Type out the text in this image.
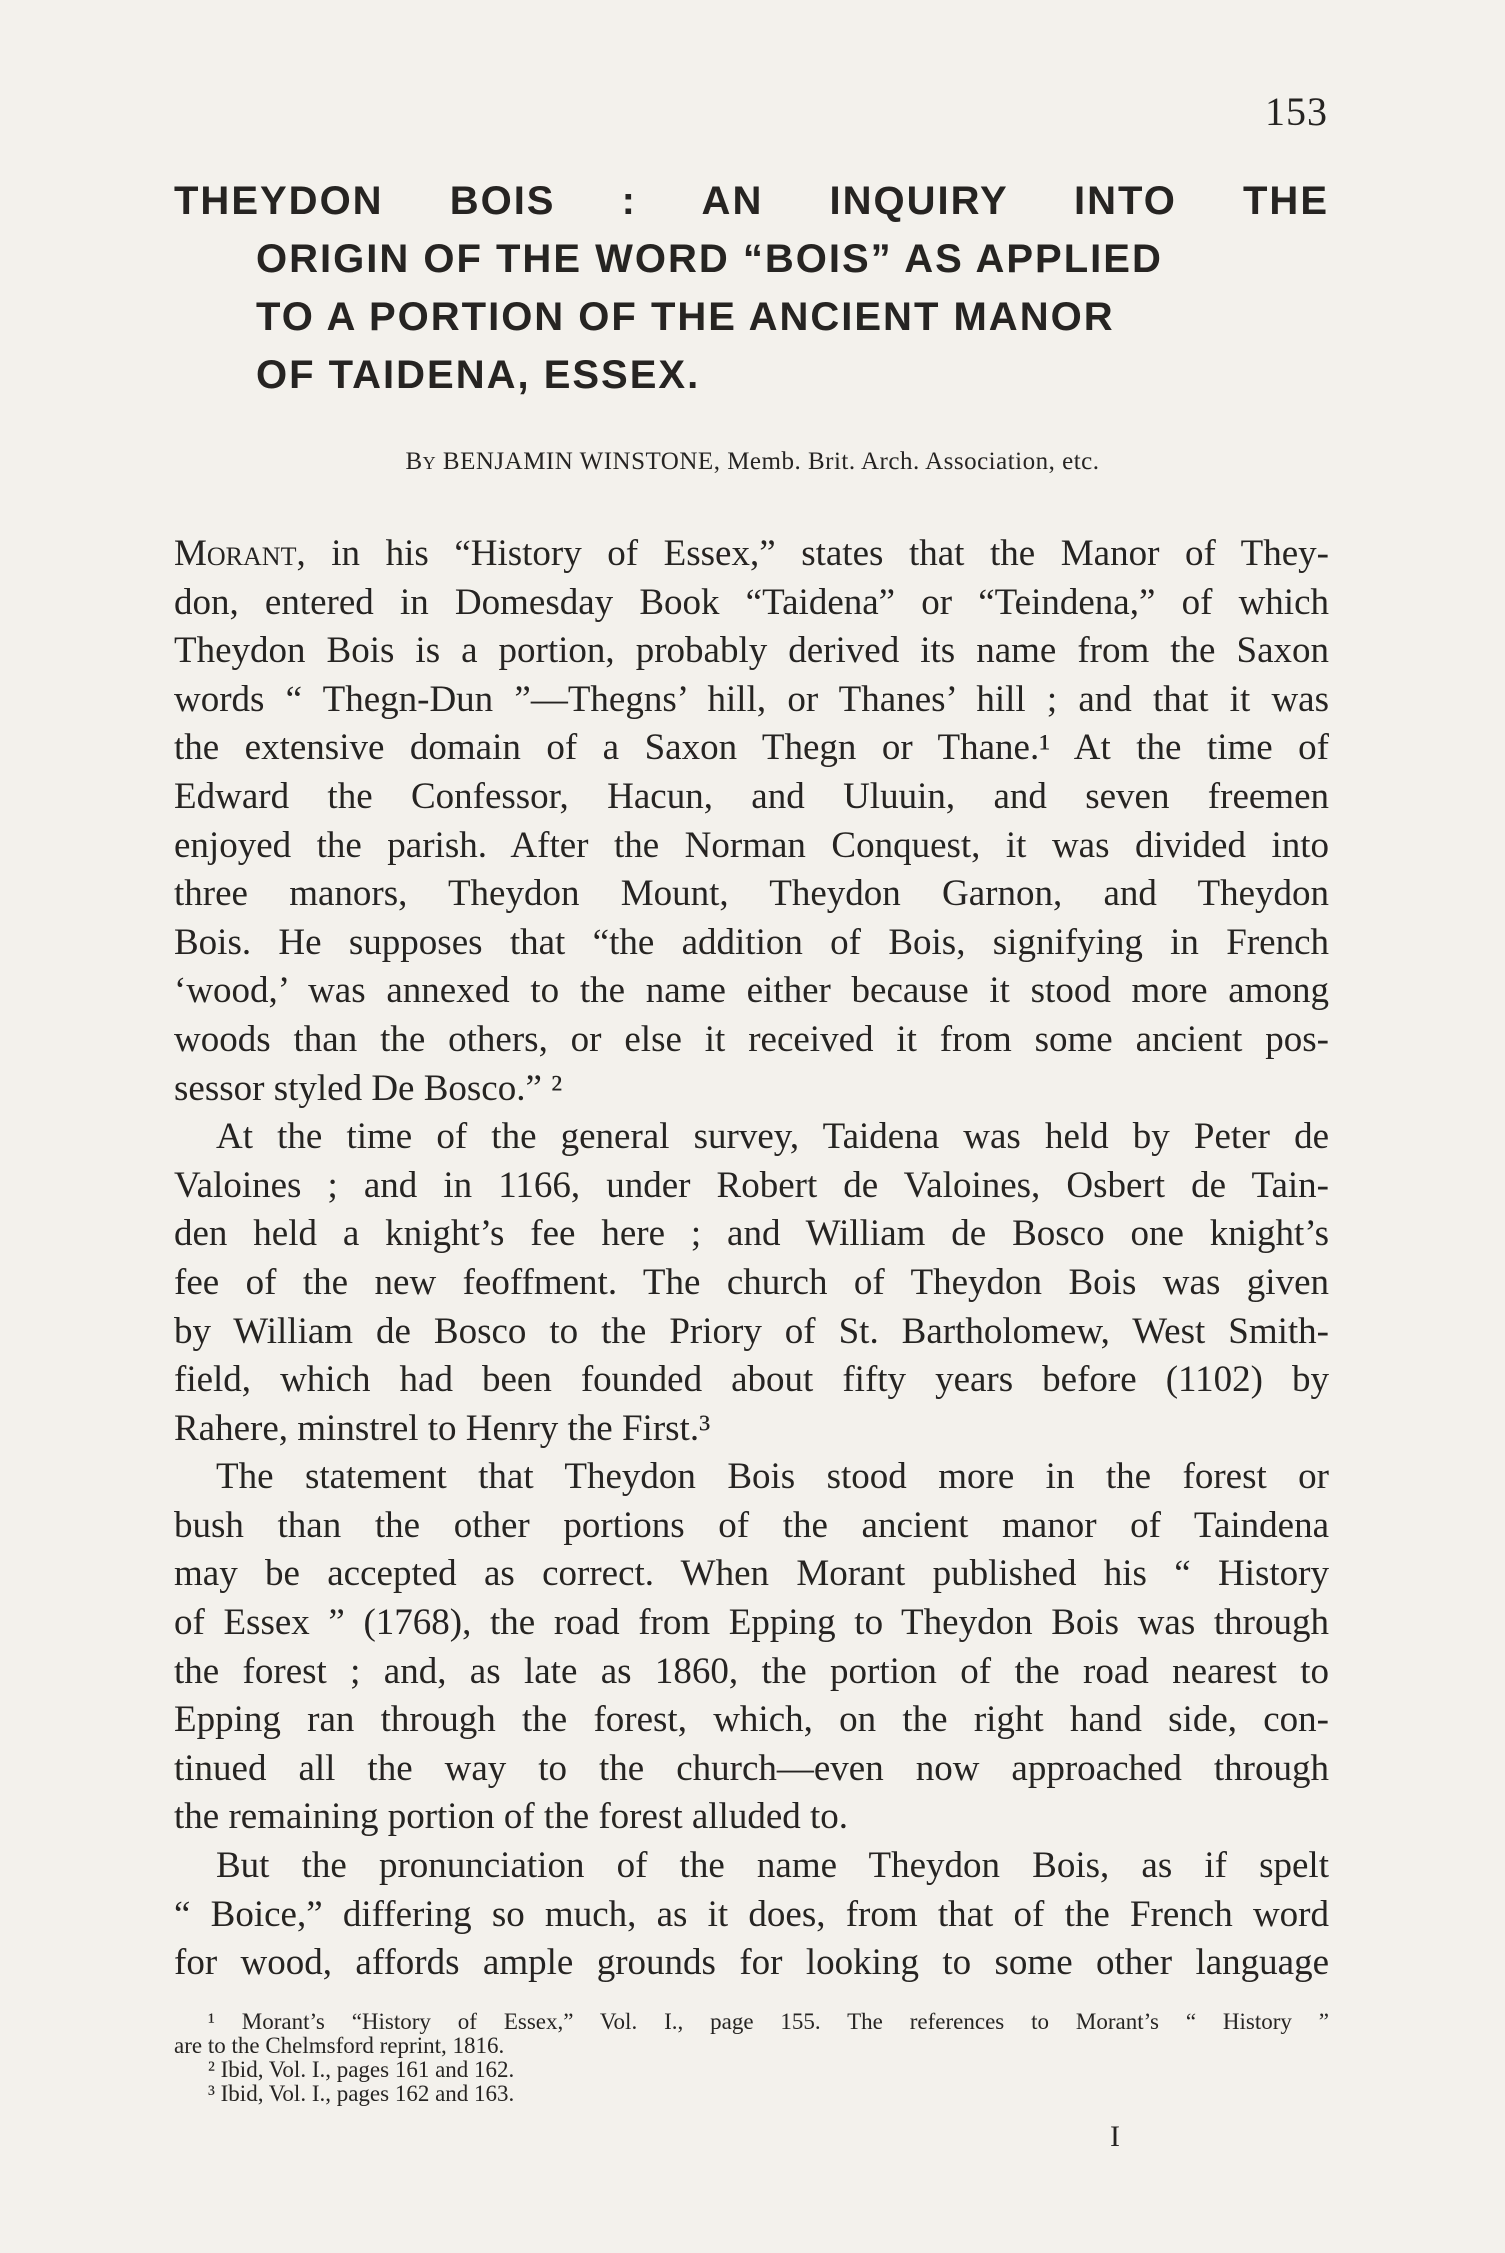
153
THEYDON BOIS : AN INQUIRY INTO THE
ORIGIN OF THE WORD “BOIS” AS APPLIED
TO A PORTION OF THE ANCIENT MANOR
OF TAIDENA, ESSEX.
By BENJAMIN WINSTONE, Memb. Brit. Arch. Association, etc.
Morant, in his “History of Essex,” states that the Manor of They-
don, entered in Domesday Book “Taidena” or “Teindena,” of which
Theydon Bois is a portion, probably derived its name from the Saxon
words “ Thegn-Dun ”—Thegns’ hill, or Thanes’ hill ; and that it was
the extensive domain of a Saxon Thegn or Thane.¹ At the time of
Edward the Confessor, Hacun, and Uluuin, and seven freemen
enjoyed the parish. After the Norman Conquest, it was divided into
three manors, Theydon Mount, Theydon Garnon, and Theydon
Bois. He supposes that “the addition of Bois, signifying in French
‘wood,’ was annexed to the name either because it stood more among
woods than the others, or else it received it from some ancient pos-
sessor styled De Bosco.” ²
At the time of the general survey, Taidena was held by Peter de
Valoines ; and in 1166, under Robert de Valoines, Osbert de Tain-
den held a knight’s fee here ; and William de Bosco one knight’s
fee of the new feoffment. The church of Theydon Bois was given
by William de Bosco to the Priory of St. Bartholomew, West Smith-
field, which had been founded about fifty years before (1102) by
Rahere, minstrel to Henry the First.³
The statement that Theydon Bois stood more in the forest or
bush than the other portions of the ancient manor of Taindena
may be accepted as correct. When Morant published his “ History
of Essex ” (1768), the road from Epping to Theydon Bois was through
the forest ; and, as late as 1860, the portion of the road nearest to
Epping ran through the forest, which, on the right hand side, con-
tinued all the way to the church—even now approached through
the remaining portion of the forest alluded to.
But the pronunciation of the name Theydon Bois, as if spelt
“ Boice,” differing so much, as it does, from that of the French word
for wood, affords ample grounds for looking to some other language
¹ Morant’s “History of Essex,” Vol. I., page 155. The references to Morant’s “ History ”
are to the Chelmsford reprint, 1816.
² Ibid, Vol. I., pages 161 and 162.
³ Ibid, Vol. I., pages 162 and 163.
I
